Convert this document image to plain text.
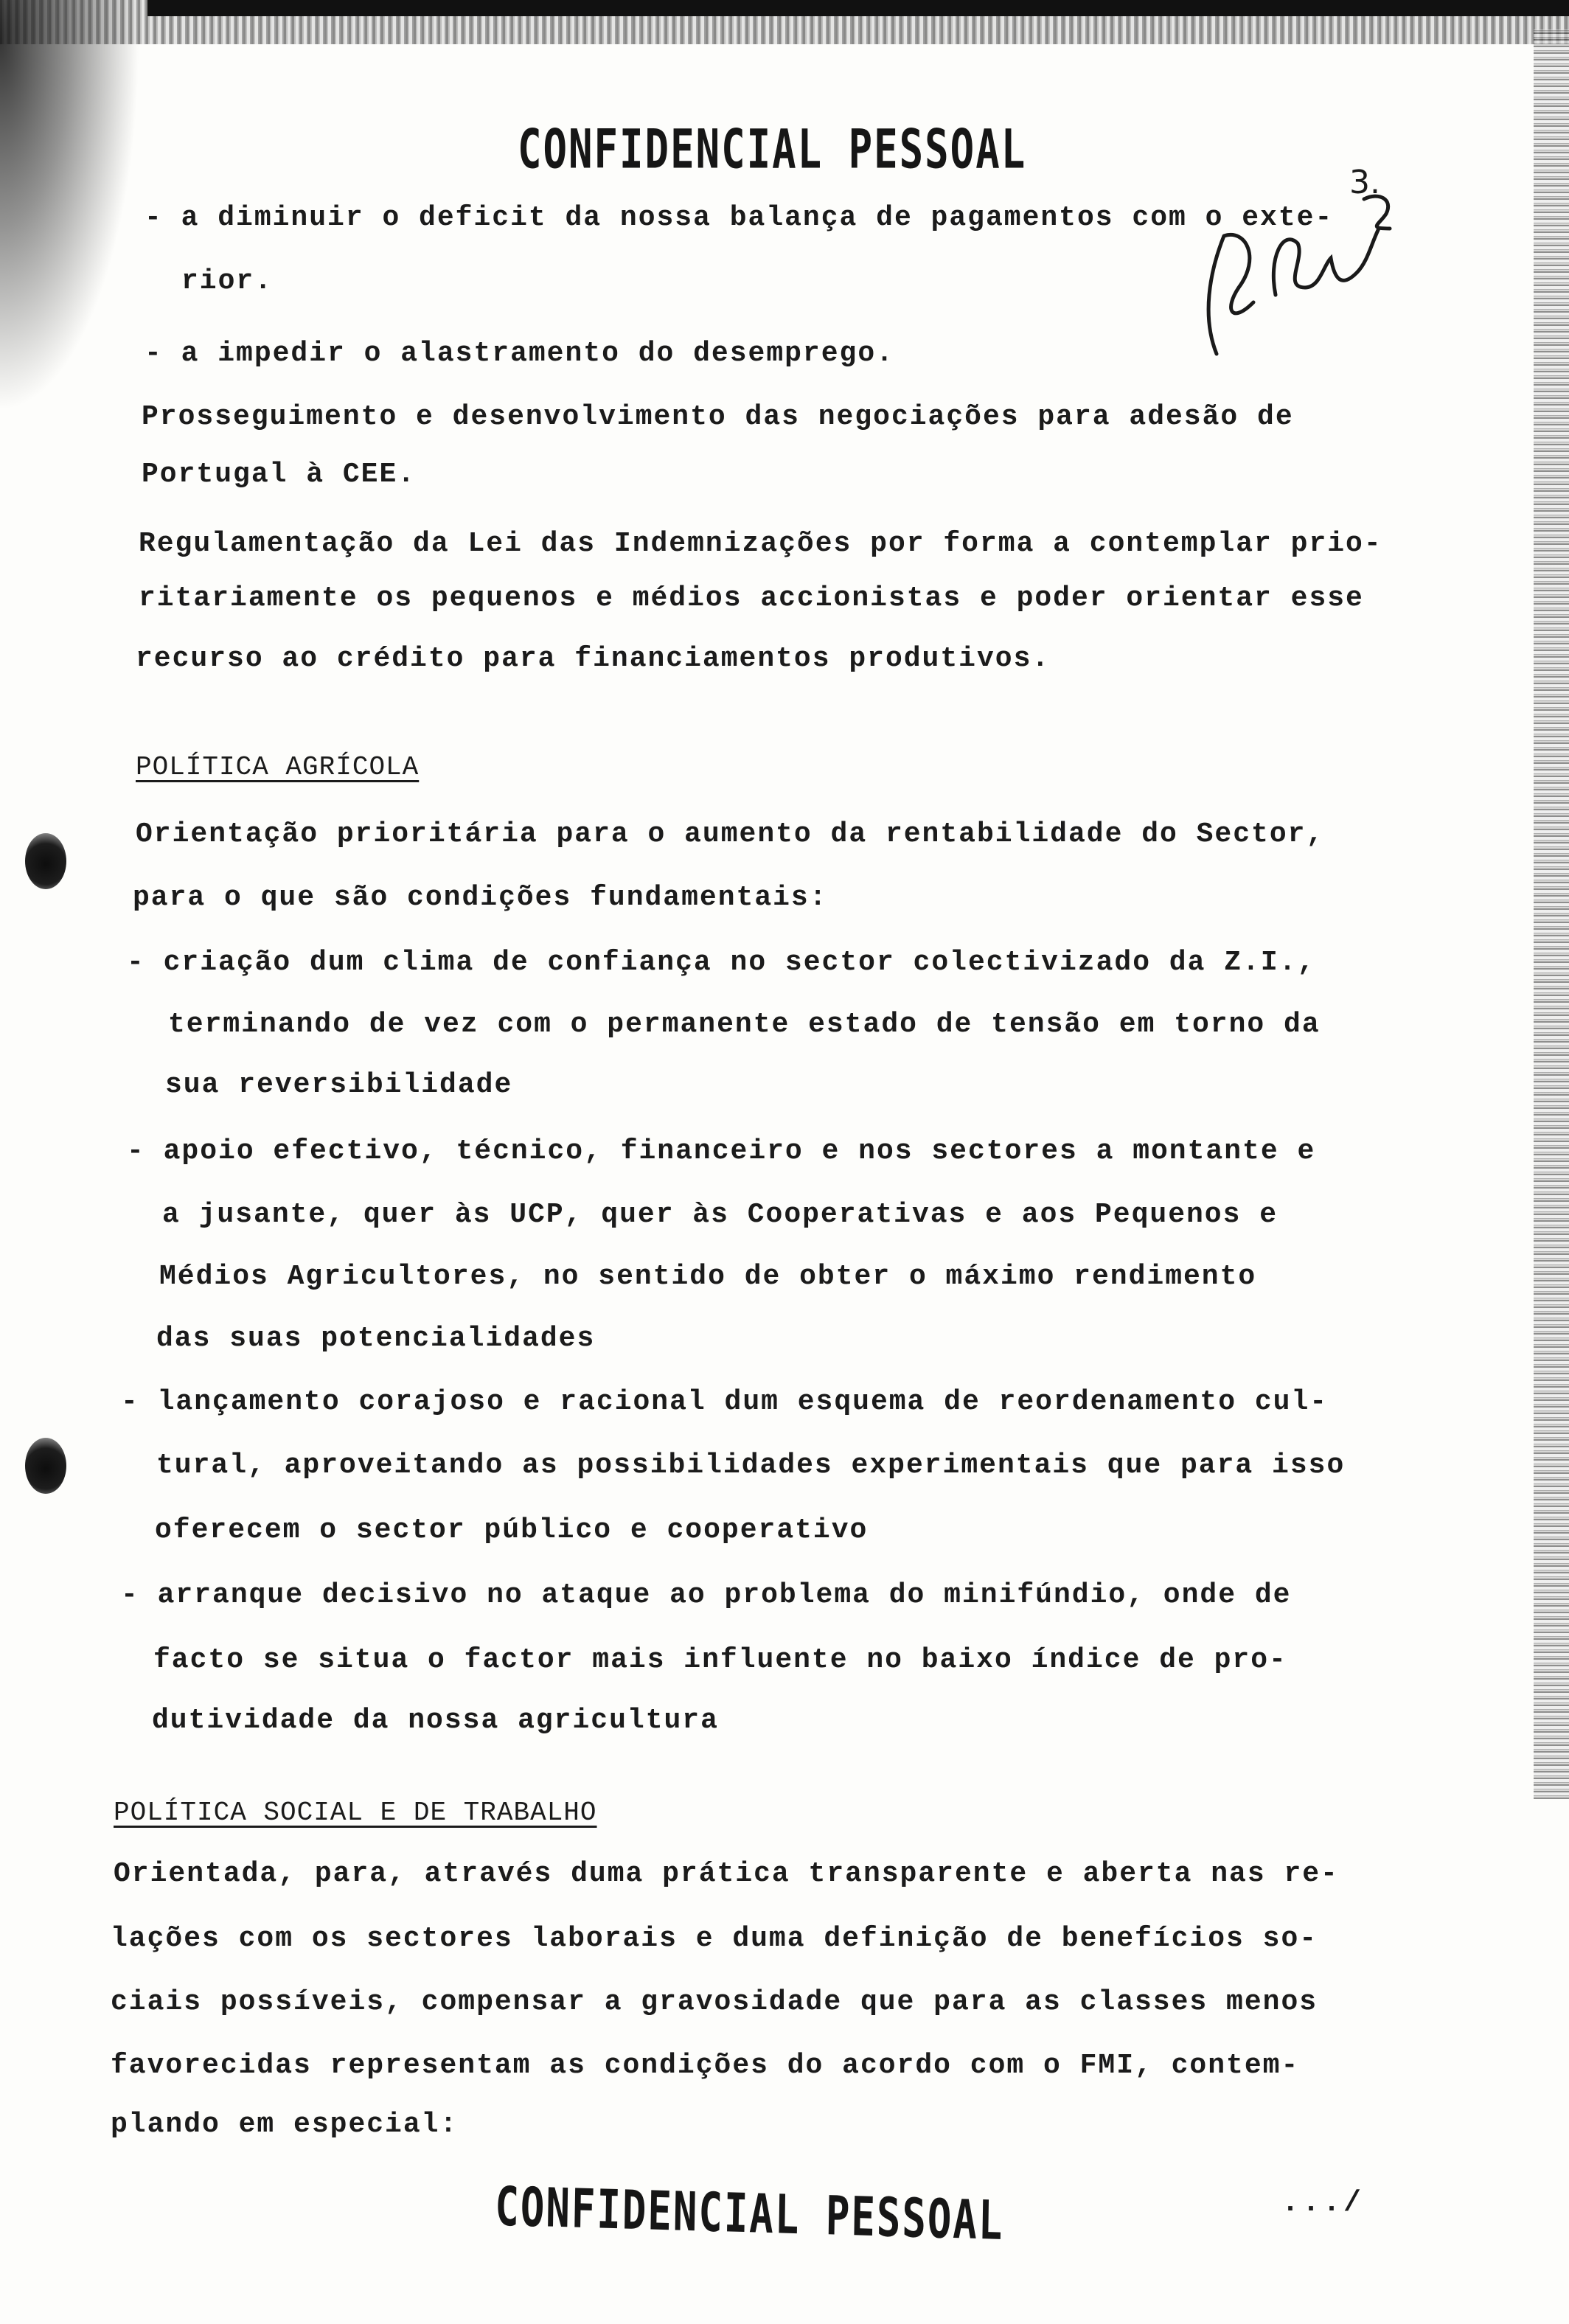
CONFIDENCIAL PESSOAL
3.
- a diminuir o deficit da nossa balança de pagamentos com o exte-
rior.
- a impedir o alastramento do desemprego.
Prosseguimento e desenvolvimento das negociações para adesão de
Portugal à CEE.
Regulamentação da Lei das Indemnizações por forma a contemplar prio-
ritariamente os pequenos e médios accionistas e poder orientar esse
recurso ao crédito para financiamentos produtivos.
POLÍTICA AGRÍCOLA
Orientação prioritária para o aumento da rentabilidade do Sector,
para o que são condições fundamentais:
- criação dum clima de confiança no sector colectivizado da Z.I.,
terminando de vez com o permanente estado de tensão em torno da
sua reversibilidade
- apoio efectivo, técnico, financeiro e nos sectores a montante e
a jusante, quer às UCP, quer às Cooperativas e aos Pequenos e
Médios Agricultores, no sentido de obter o máximo rendimento
das suas potencialidades
- lançamento corajoso e racional dum esquema de reordenamento cul-
tural, aproveitando as possibilidades experimentais que para isso
oferecem o sector público e cooperativo
- arranque decisivo no ataque ao problema do minifúndio, onde de
facto se situa o factor mais influente no baixo índice de pro-
dutividade da nossa agricultura
POLÍTICA SOCIAL E DE TRABALHO
Orientada, para, através duma prática transparente e aberta nas re-
lações com os sectores laborais e duma definição de benefícios so-
ciais possíveis, compensar a gravosidade que para as classes menos
favorecidas representam as condições do acordo com o FMI, contem-
plando em especial:
CONFIDENCIAL PESSOAL	.../
